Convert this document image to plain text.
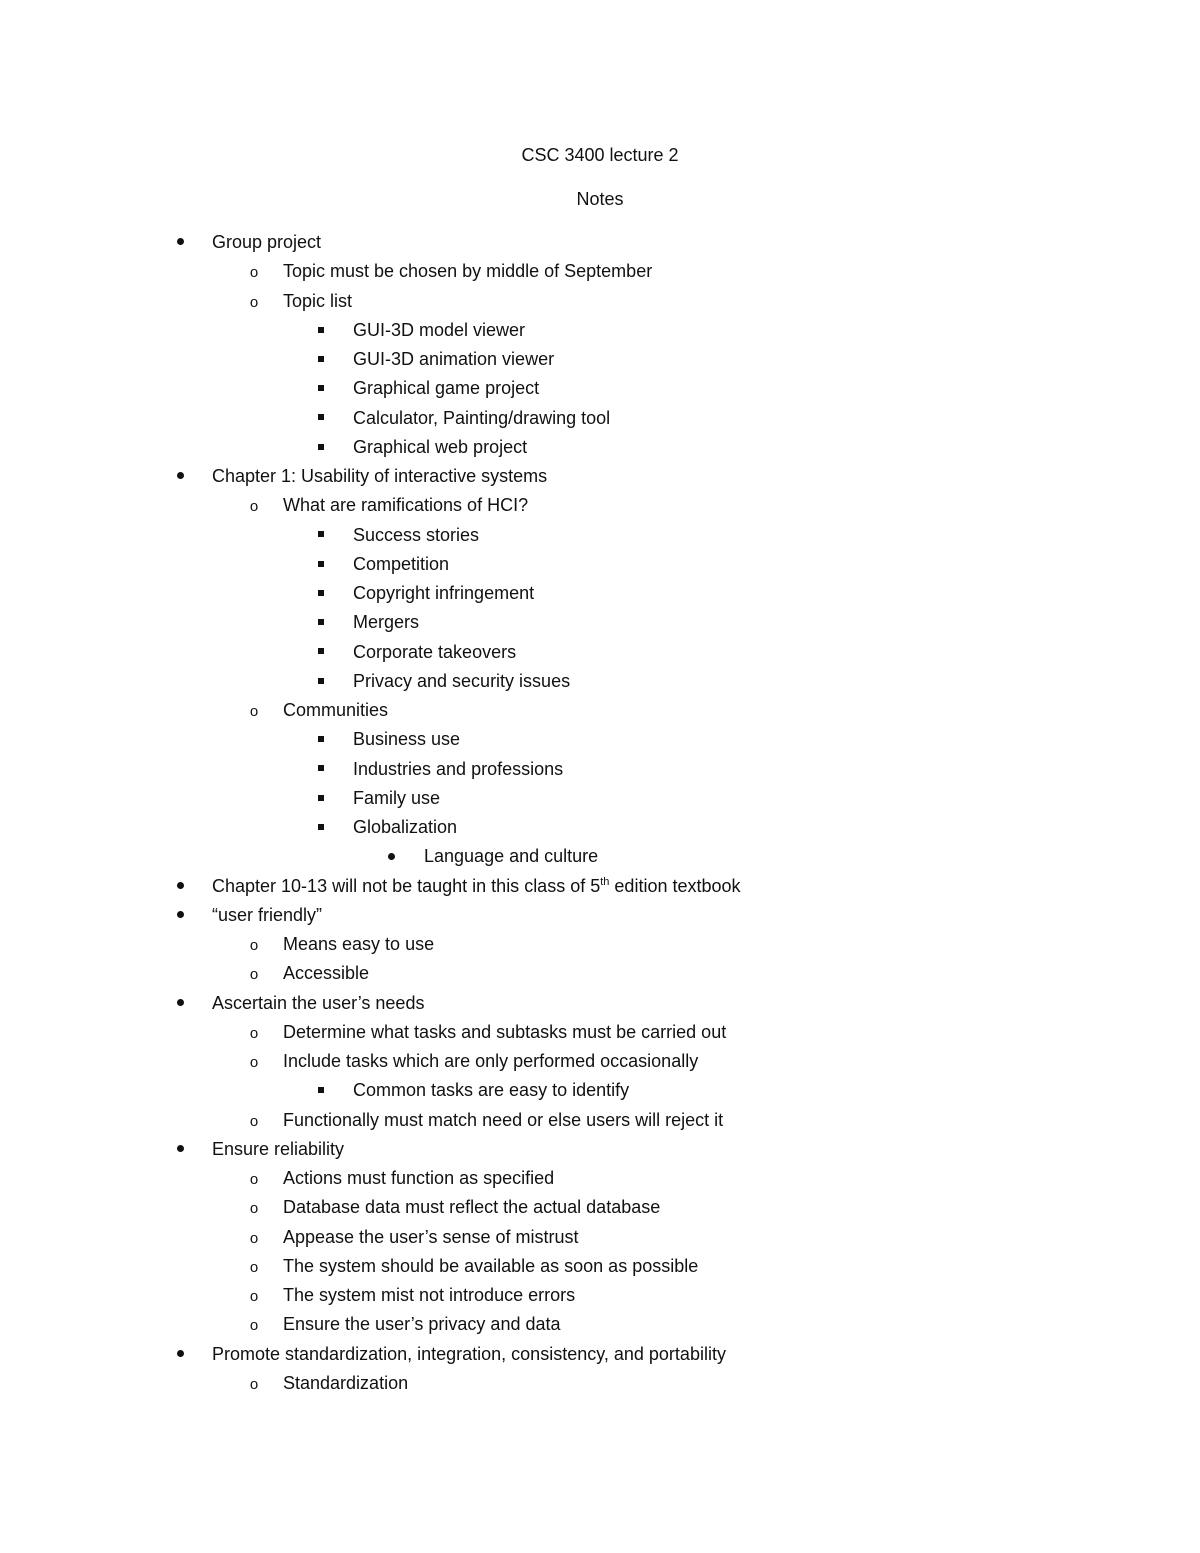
CSC 3400 lecture 2
Notes
Group project
o	Topic must be chosen by middle of September
o	Topic list
GUI-3D model viewer
GUI-3D animation viewer
Graphical game project
Calculator, Painting/drawing tool
Graphical web project
Chapter 1: Usability of interactive systems
o	What are ramifications of HCI?
Success stories
Competition
Copyright infringement
Mergers
Corporate takeovers
Privacy and security issues
o	Communities
Business use
Industries and professions
Family use
Globalization
Language and culture
Chapter 10-13 will not be taught in this class of 5th edition textbook
“user friendly”
o	Means easy to use
o	Accessible
Ascertain the user’s needs
o	Determine what tasks and subtasks must be carried out
o	Include tasks which are only performed occasionally
Common tasks are easy to identify
o	Functionally must match need or else users will reject it
Ensure reliability
o	Actions must function as specified
o	Database data must reflect the actual database
o	Appease the user’s sense of mistrust
o	The system should be available as soon as possible
o	The system mist not introduce errors
o	Ensure the user’s privacy and data
Promote standardization, integration, consistency, and portability
o	Standardization
